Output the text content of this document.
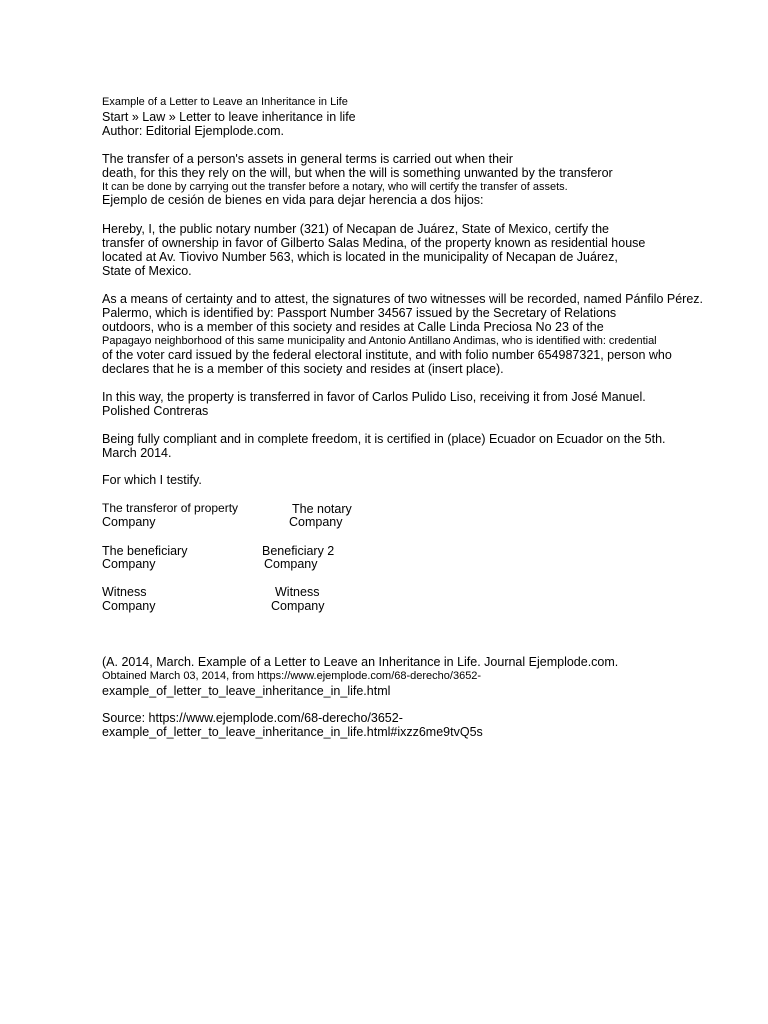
Example of a Letter to Leave an Inheritance in Life
Start » Law » Letter to leave inheritance in life
Author: Editorial Ejemplode.com.
The transfer of a person's assets in general terms is carried out when their
death, for this they rely on the will, but when the will is something unwanted by the transferor
It can be done by carrying out the transfer before a notary, who will certify the transfer of assets.
Ejemplo de cesión de bienes en vida para dejar herencia a dos hijos:
Hereby, I, the public notary number (321) of Necapan de Juárez, State of Mexico, certify the
transfer of ownership in favor of Gilberto Salas Medina, of the property known as residential house
located at Av. Tiovivo Number 563, which is located in the municipality of Necapan de Juárez,
State of Mexico.
As a means of certainty and to attest, the signatures of two witnesses will be recorded, named Pánfilo Pérez.
Palermo, which is identified by: Passport Number 34567 issued by the Secretary of Relations
outdoors, who is a member of this society and resides at Calle Linda Preciosa No 23 of the
Papagayo neighborhood of this same municipality and Antonio Antillano Andimas, who is identified with: credential
of the voter card issued by the federal electoral institute, and with folio number 654987321, person who
declares that he is a member of this society and resides at (insert place).
In this way, the property is transferred in favor of Carlos Pulido Liso, receiving it from José Manuel.
Polished Contreras
Being fully compliant and in complete freedom, it is certified in (place) Ecuador on Ecuador on the 5th.
March 2014.
For which I testify.
The transferor of property	The notary
Company	Company
The beneficiary	Beneficiary 2
Company	Company
Witness	Witness
Company	Company
(A. 2014, March. Example of a Letter to Leave an Inheritance in Life. Journal Ejemplode.com.
Obtained March 03, 2014, from https://www.ejemplode.com/68-derecho/3652-
example_of_letter_to_leave_inheritance_in_life.html
Source: https://www.ejemplode.com/68-derecho/3652-
example_of_letter_to_leave_inheritance_in_life.html#ixzz6me9tvQ5s
